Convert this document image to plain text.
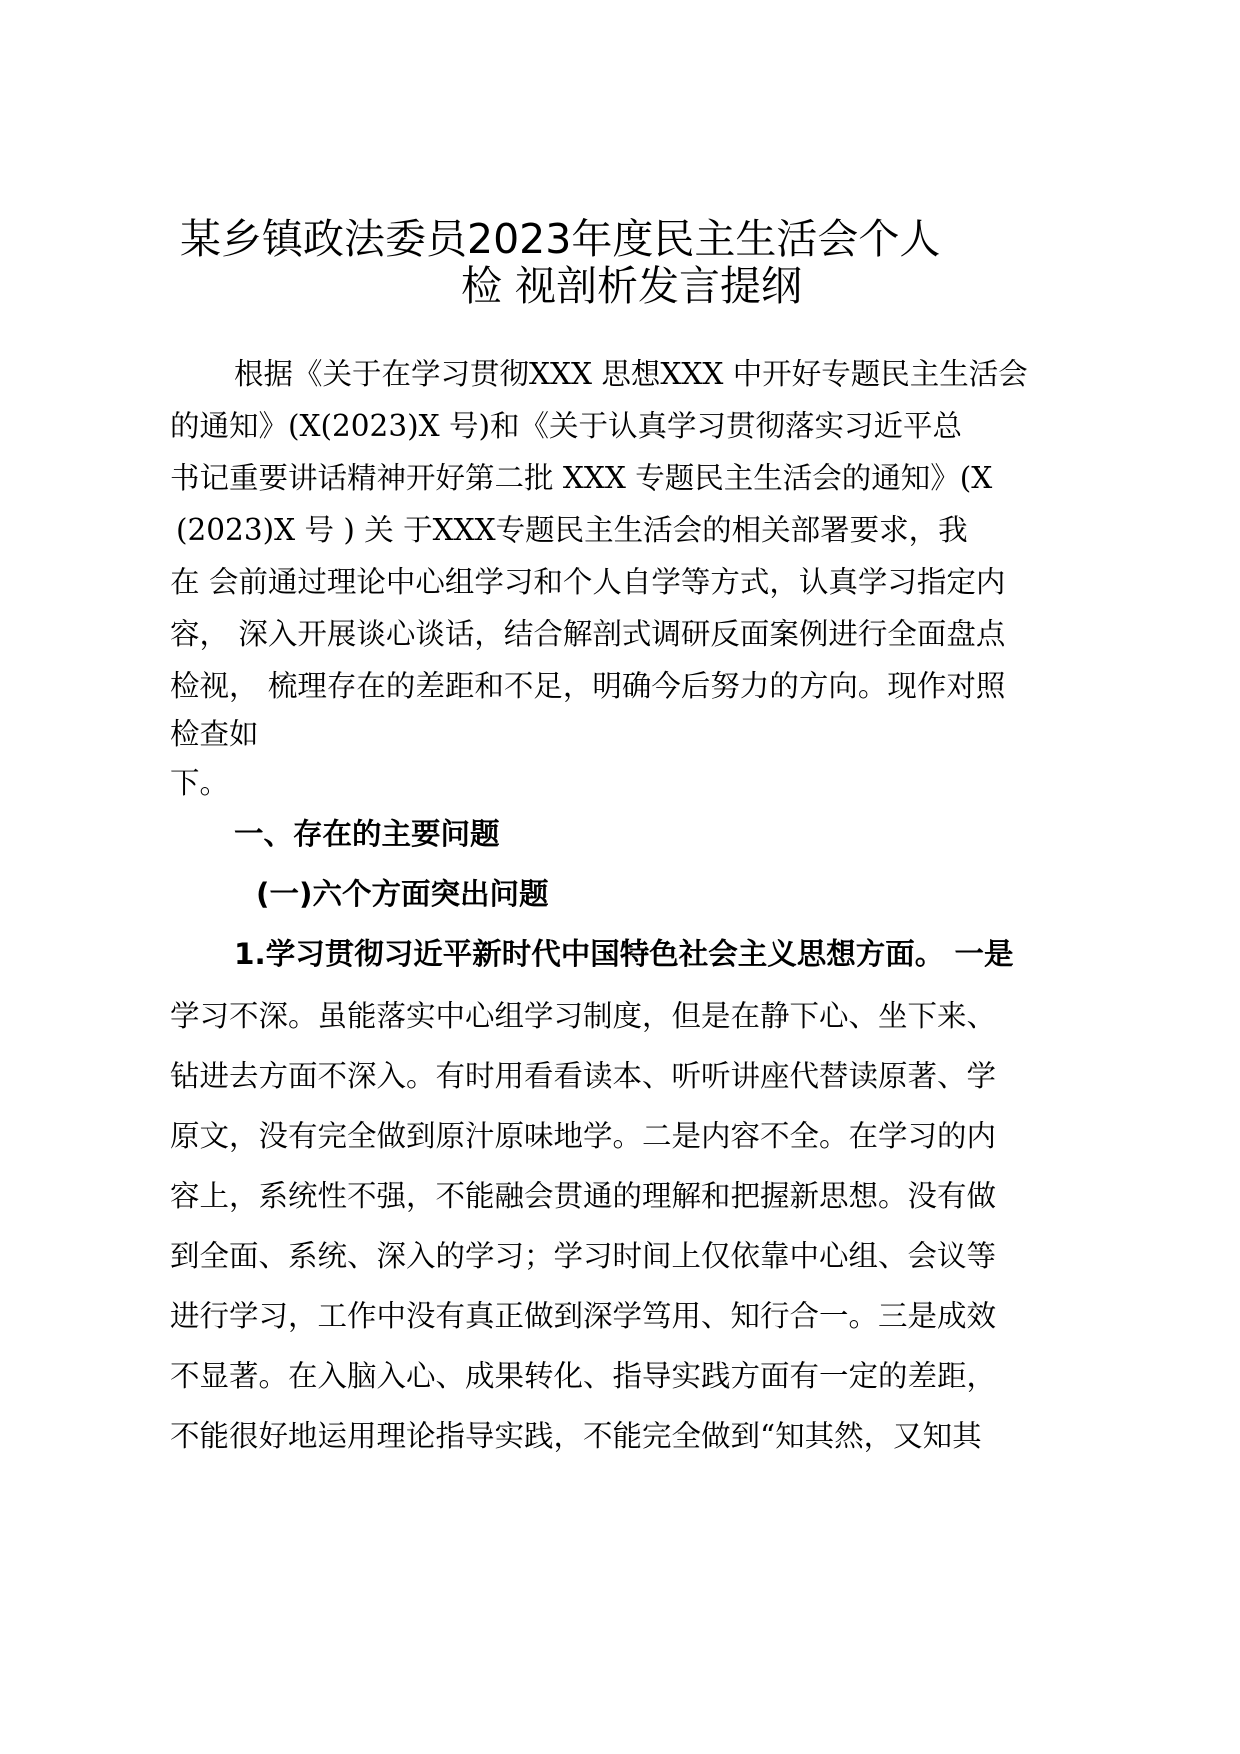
某乡镇政法委员2023年度民主生活会个人
检 视剖析发言提纲
根据《关于在学习贯彻XXX 思想XXX 中开好专题民主生活会
的通知》(X(2023)X 号)和《关于认真学习贯彻落实习近平总
书记重要讲话精神开好第二批 XXX 专题民主生活会的通知》(X
(2023)X 号 ) 关 于XXX专题民主生活会的相关部署要求，我
在 会前通过理论中心组学习和个人自学等方式，认真学习指定内
容， 深入开展谈心谈话，结合解剖式调研反面案例进行全面盘点
检视， 梳理存在的差距和不足，明确今后努力的方向。现作对照
检查如
下。
一、存在的主要问题
(一)六个方面突出问题
1.学习贯彻习近平新时代中国特色社会主义思想方面。 一是
学习不深。虽能落实中心组学习制度，但是在静下心、坐下来、
钻进去方面不深入。有时用看看读本、听听讲座代替读原著、学
原文，没有完全做到原汁原味地学。二是内容不全。在学习的内
容上，系统性不强，不能融会贯通的理解和把握新思想。没有做
到全面、系统、深入的学习；学习时间上仅依靠中心组、会议等
进行学习，工作中没有真正做到深学笃用、知行合一。三是成效
不显著。在入脑入心、成果转化、指导实践方面有一定的差距，
不能很好地运用理论指导实践，不能完全做到“知其然，又知其
